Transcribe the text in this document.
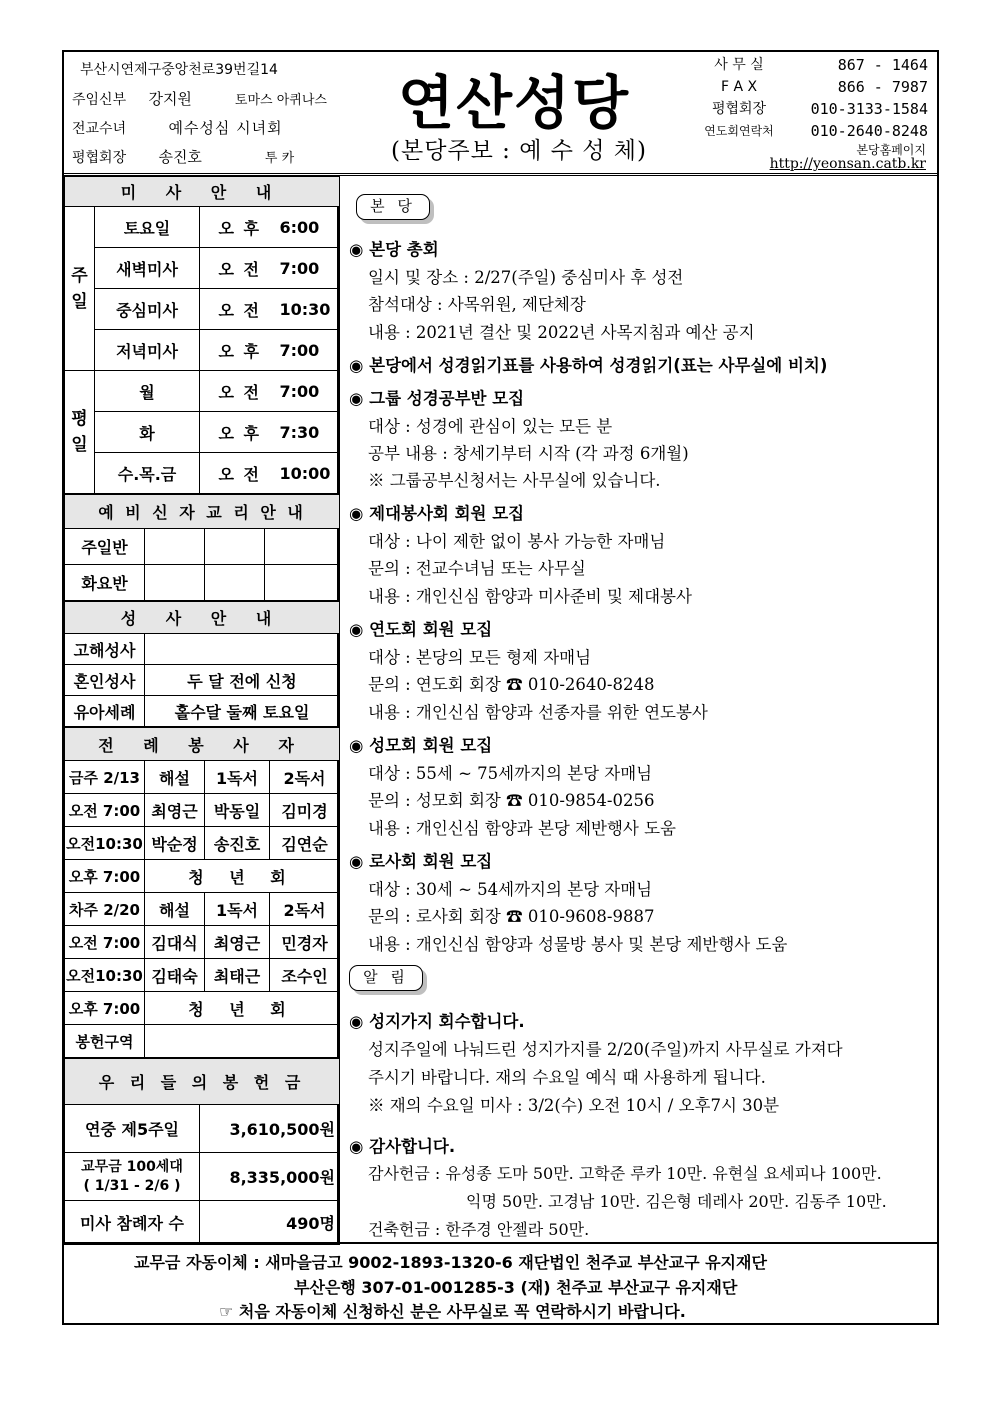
부산시연제구중앙천로39번길14
주임신부 강지원	토마스 아퀴나스
전교수녀	예수성심 시녀회
평협회장 송진호	투 카
연산성당
(본당주보 : 예 수 성 체)
사 무 실	867 - 1464
F A X	866 - 7987
평협회장	010-3133-1584
연도회연락처	010-2640-8248
본당홈페이지
http://yeonsan.catb.kr
미 사 안 내			
주일	토요일	오 후	6:00
	새벽미사	오 전	7:00
	중심미사	오 전	10:30
	저녁미사	오 후	7:00
평일	월	오 전	7:00
	화	오 후	7:30
	수.목.금	오 전	10:00
예 비 신 자 교 리 안 내			
주일반			
화요반			
성 사 안 내	
고해성사	
혼인성사	두 달 전에 신청
유아세례	홀수달 둘째 토요일
전 례 봉 사 자			
금주 2/13	해설	1독서	2독서
오전 7:00	최영근	박동일	김미경
오전10:30	박순정	송진호	김연순
오후 7:00	청 년 회		
차주 2/20	해설	1독서	2독서
오전 7:00	김대식	최영근	민경자
오전10:30	김태숙	최태근	조수인
오후 7:00	청 년 회		
봉헌구역			
우 리 들 의 봉 헌 금	
연중 제5주일	3,610,500원

교무금 100세대
( 1/31 - 2/6 )	8,335,000원
미사 참례자 수	490명
본 당
◉ 본당 총회
일시 및 장소 : 2/27(주일) 중심미사 후 성전
참석대상 : 사목위원, 제단체장
내용 : 2021년 결산 및 2022년 사목지침과 예산 공지
◉ 본당에서 성경읽기표를 사용하여 성경읽기(표는 사무실에 비치)
◉ 그룹 성경공부반 모집
대상 : 성경에 관심이 있는 모든 분
공부 내용 : 창세기부터 시작 (각 과정 6개월)
※ 그룹공부신청서는 사무실에 있습니다.
◉ 제대봉사회 회원 모집
대상 : 나이 제한 없이 봉사 가능한 자매님
문의 : 전교수녀님 또는 사무실
내용 : 개인신심 함양과 미사준비 및 제대봉사
◉ 연도회 회원 모집
대상 : 본당의 모든 형제 자매님
문의 : 연도회 회장 ☎ 010-2640-8248
내용 : 개인신심 함양과 선종자를 위한 연도봉사
◉ 성모회 회원 모집
대상 : 55세 ~ 75세까지의 본당 자매님
문의 : 성모회 회장 ☎ 010-9854-0256
내용 : 개인신심 함양과 본당 제반행사 도움
◉ 로사회 회원 모집
대상 : 30세 ~ 54세까지의 본당 자매님
문의 : 로사회 회장 ☎ 010-9608-9887
내용 : 개인신심 함양과 성물방 봉사 및 본당 제반행사 도움
알 림
◉ 성지가지 회수합니다.
성지주일에 나눠드린 성지가지를 2/20(주일)까지 사무실로 가져다
주시기 바랍니다. 재의 수요일 예식 때 사용하게 됩니다.
※ 재의 수요일 미사 : 3/2(수) 오전 10시 / 오후7시 30분
◉ 감사합니다.
감사헌금 : 유성종 도마 50만. 고학준 루카 10만. 유현실 요세피나 100만.
익명 50만. 고경남 10만. 김은형 데레사 20만. 김동주 10만.
건축헌금 : 한주경 안젤라 50만.
교무금 자동이체 : 새마을금고 9002-1893-1320-6 재단법인 천주교 부산교구 유지재단
부산은행 307-01-001285-3 (재) 천주교 부산교구 유지재단
☞ 처음 자동이체 신청하신 분은 사무실로 꼭 연락하시기 바랍니다.
